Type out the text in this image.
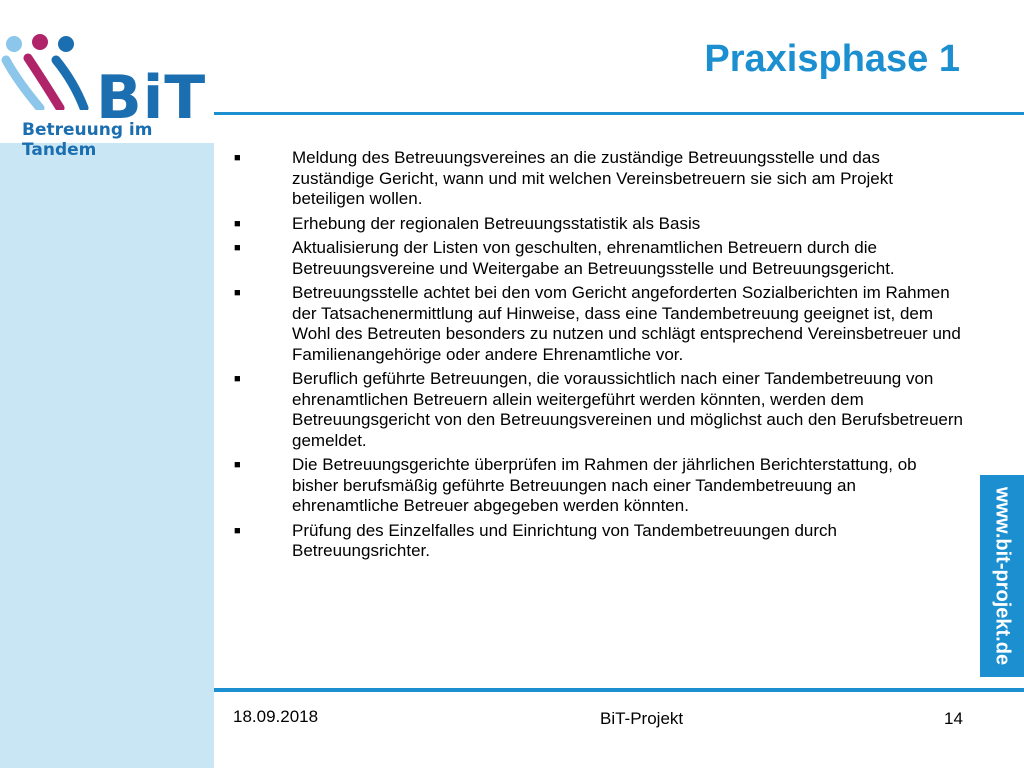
BiT
Betreuung im Tandem
Praxisphase 1
■	Meldung des Betreuungsvereines an die zuständige Betreuungsstelle und das zuständige Gericht, wann und mit welchen Vereinsbetreuern sie sich am Projekt beteiligen wollen.
■	Erhebung der regionalen Betreuungsstatistik als Basis
■	Aktualisierung der Listen von geschulten, ehrenamtlichen Betreuern durch die Betreuungsvereine und Weitergabe an Betreuungsstelle und Betreuungsgericht.
■	Betreuungsstelle achtet bei den vom Gericht angeforderten Sozialberichten im Rahmen der Tatsachenermittlung auf Hinweise, dass eine Tandembetreuung geeignet ist, dem Wohl des Betreuten besonders zu nutzen und schlägt entsprechend Vereinsbetreuer und Familienangehörige oder andere Ehrenamtliche vor.
■	Beruflich geführte Betreuungen, die voraussichtlich nach einer Tandembetreuung von ehrenamtlichen Betreuern allein weitergeführt werden könnten, werden dem Betreuungsgericht von den Betreuungsvereinen und möglichst auch den Berufsbetreuern gemeldet.
■	Die Betreuungsgerichte überprüfen im Rahmen der jährlichen Berichterstattung, ob bisher berufsmäßig geführte Betreuungen nach einer Tandembetreuung an ehrenamtliche Betreuer abgegeben werden könnten.
■	Prüfung des Einzelfalles und Einrichtung von Tandembetreuungen durch Betreuungsrichter.	www.bit-projekt.de
18.09.2018	BiT-Projekt	14
